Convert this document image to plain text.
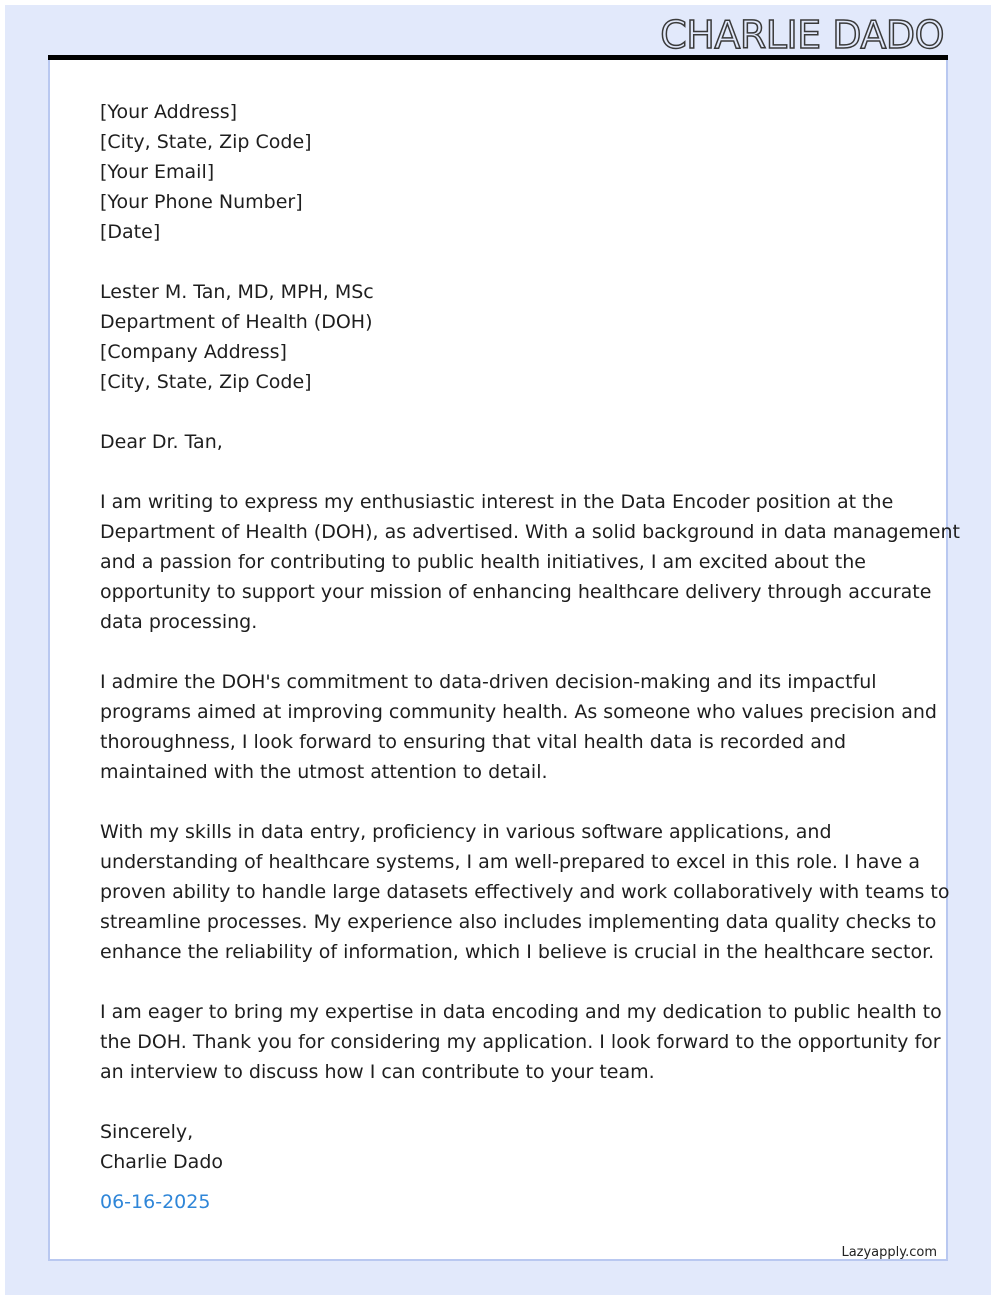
CHARLIE DADO
[Your Address]
[City, State, Zip Code]
[Your Email]
[Your Phone Number]
[Date]
Lester M. Tan, MD, MPH, MSc
Department of Health (DOH)
[Company Address]
[City, State, Zip Code]
Dear Dr. Tan,
I am writing to express my enthusiastic interest in the Data Encoder position at the
Department of Health (DOH), as advertised. With a solid background in data management
and a passion for contributing to public health initiatives, I am excited about the
opportunity to support your mission of enhancing healthcare delivery through accurate
data processing.
I admire the DOH's commitment to data-driven decision-making and its impactful
programs aimed at improving community health. As someone who values precision and
thoroughness, I look forward to ensuring that vital health data is recorded and
maintained with the utmost attention to detail.
With my skills in data entry, proficiency in various software applications, and
understanding of healthcare systems, I am well-prepared to excel in this role. I have a
proven ability to handle large datasets effectively and work collaboratively with teams to
streamline processes. My experience also includes implementing data quality checks to
enhance the reliability of information, which I believe is crucial in the healthcare sector.
I am eager to bring my expertise in data encoding and my dedication to public health to
the DOH. Thank you for considering my application. I look forward to the opportunity for
an interview to discuss how I can contribute to your team.
Sincerely,
Charlie Dado
06-16-2025
Lazyapply.com
